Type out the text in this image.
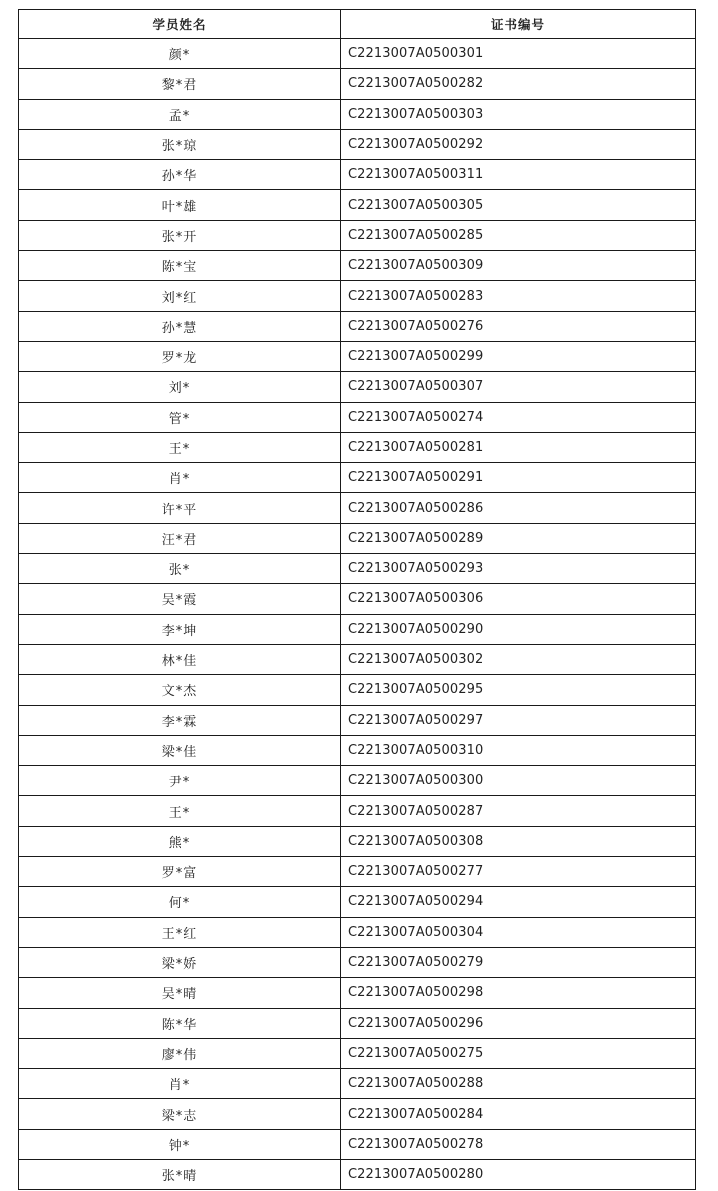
学员姓名	证书编号
颜*	C2213007A0500301
黎*君	C2213007A0500282
孟*	C2213007A0500303
张*琼	C2213007A0500292
孙*华	C2213007A0500311
叶*雄	C2213007A0500305
张*开	C2213007A0500285
陈*宝	C2213007A0500309
刘*红	C2213007A0500283
孙*慧	C2213007A0500276
罗*龙	C2213007A0500299
刘*	C2213007A0500307
管*	C2213007A0500274
王*	C2213007A0500281
肖*	C2213007A0500291
许*平	C2213007A0500286
汪*君	C2213007A0500289
张*	C2213007A0500293
吴*霞	C2213007A0500306
李*坤	C2213007A0500290
林*佳	C2213007A0500302
文*杰	C2213007A0500295
李*霖	C2213007A0500297
梁*佳	C2213007A0500310
尹*	C2213007A0500300
王*	C2213007A0500287
熊*	C2213007A0500308
罗*富	C2213007A0500277
何*	C2213007A0500294
王*红	C2213007A0500304
梁*娇	C2213007A0500279
吴*晴	C2213007A0500298
陈*华	C2213007A0500296
廖*伟	C2213007A0500275
肖*	C2213007A0500288
梁*志	C2213007A0500284
钟*	C2213007A0500278
张*晴	C2213007A0500280
